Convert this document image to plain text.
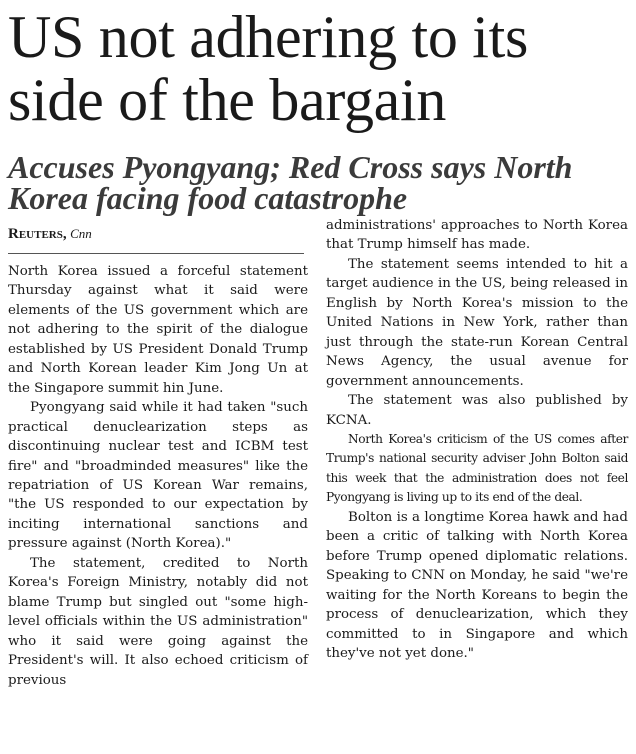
US not adhering to its side of the bargain
Accuses Pyongyang; Red Cross says North Korea facing food catastrophe
Reuters, Cnn

North Korea issued a forceful statement Thursday against what it said were elements of the US government which are not adhering to the spirit of the dialogue established by US President Donald Trump and North Korean leader Kim Jong Un at the Singapore summit hin June.

Pyongyang said while it had taken "such practical denuclearization steps as discontinuing nuclear test and ICBM test fire" and "broadminded measures" like the repatriation of US Korean War remains, "the US responded to our expectation by inciting international sanctions and pressure against (North Korea)."

The statement, credited to North Korea's Foreign Ministry, notably did not blame Trump but singled out "some high-level officials within the US administration" who it said were going against the President's will. It also echoed criticism of previous

administrations' approaches to North Korea that Trump himself has made.

The statement seems intended to hit a target audience in the US, being released in English by North Korea's mission to the United Nations in New York, rather than just through the state-run Korean Central News Agency, the usual avenue for government announcements.

The statement was also published by KCNA.

North Korea's criticism of the US comes after Trump's national security adviser John Bolton said this week that the administration does not feel Pyongyang is living up to its end of the deal.

Bolton is a longtime Korea hawk and had been a critic of talking with North Korea before Trump opened diplomatic relations. Speaking to CNN on Monday, he said "we're waiting for the North Koreans to begin the process of denuclearization, which they committed to in Singapore and which they've not yet done."
